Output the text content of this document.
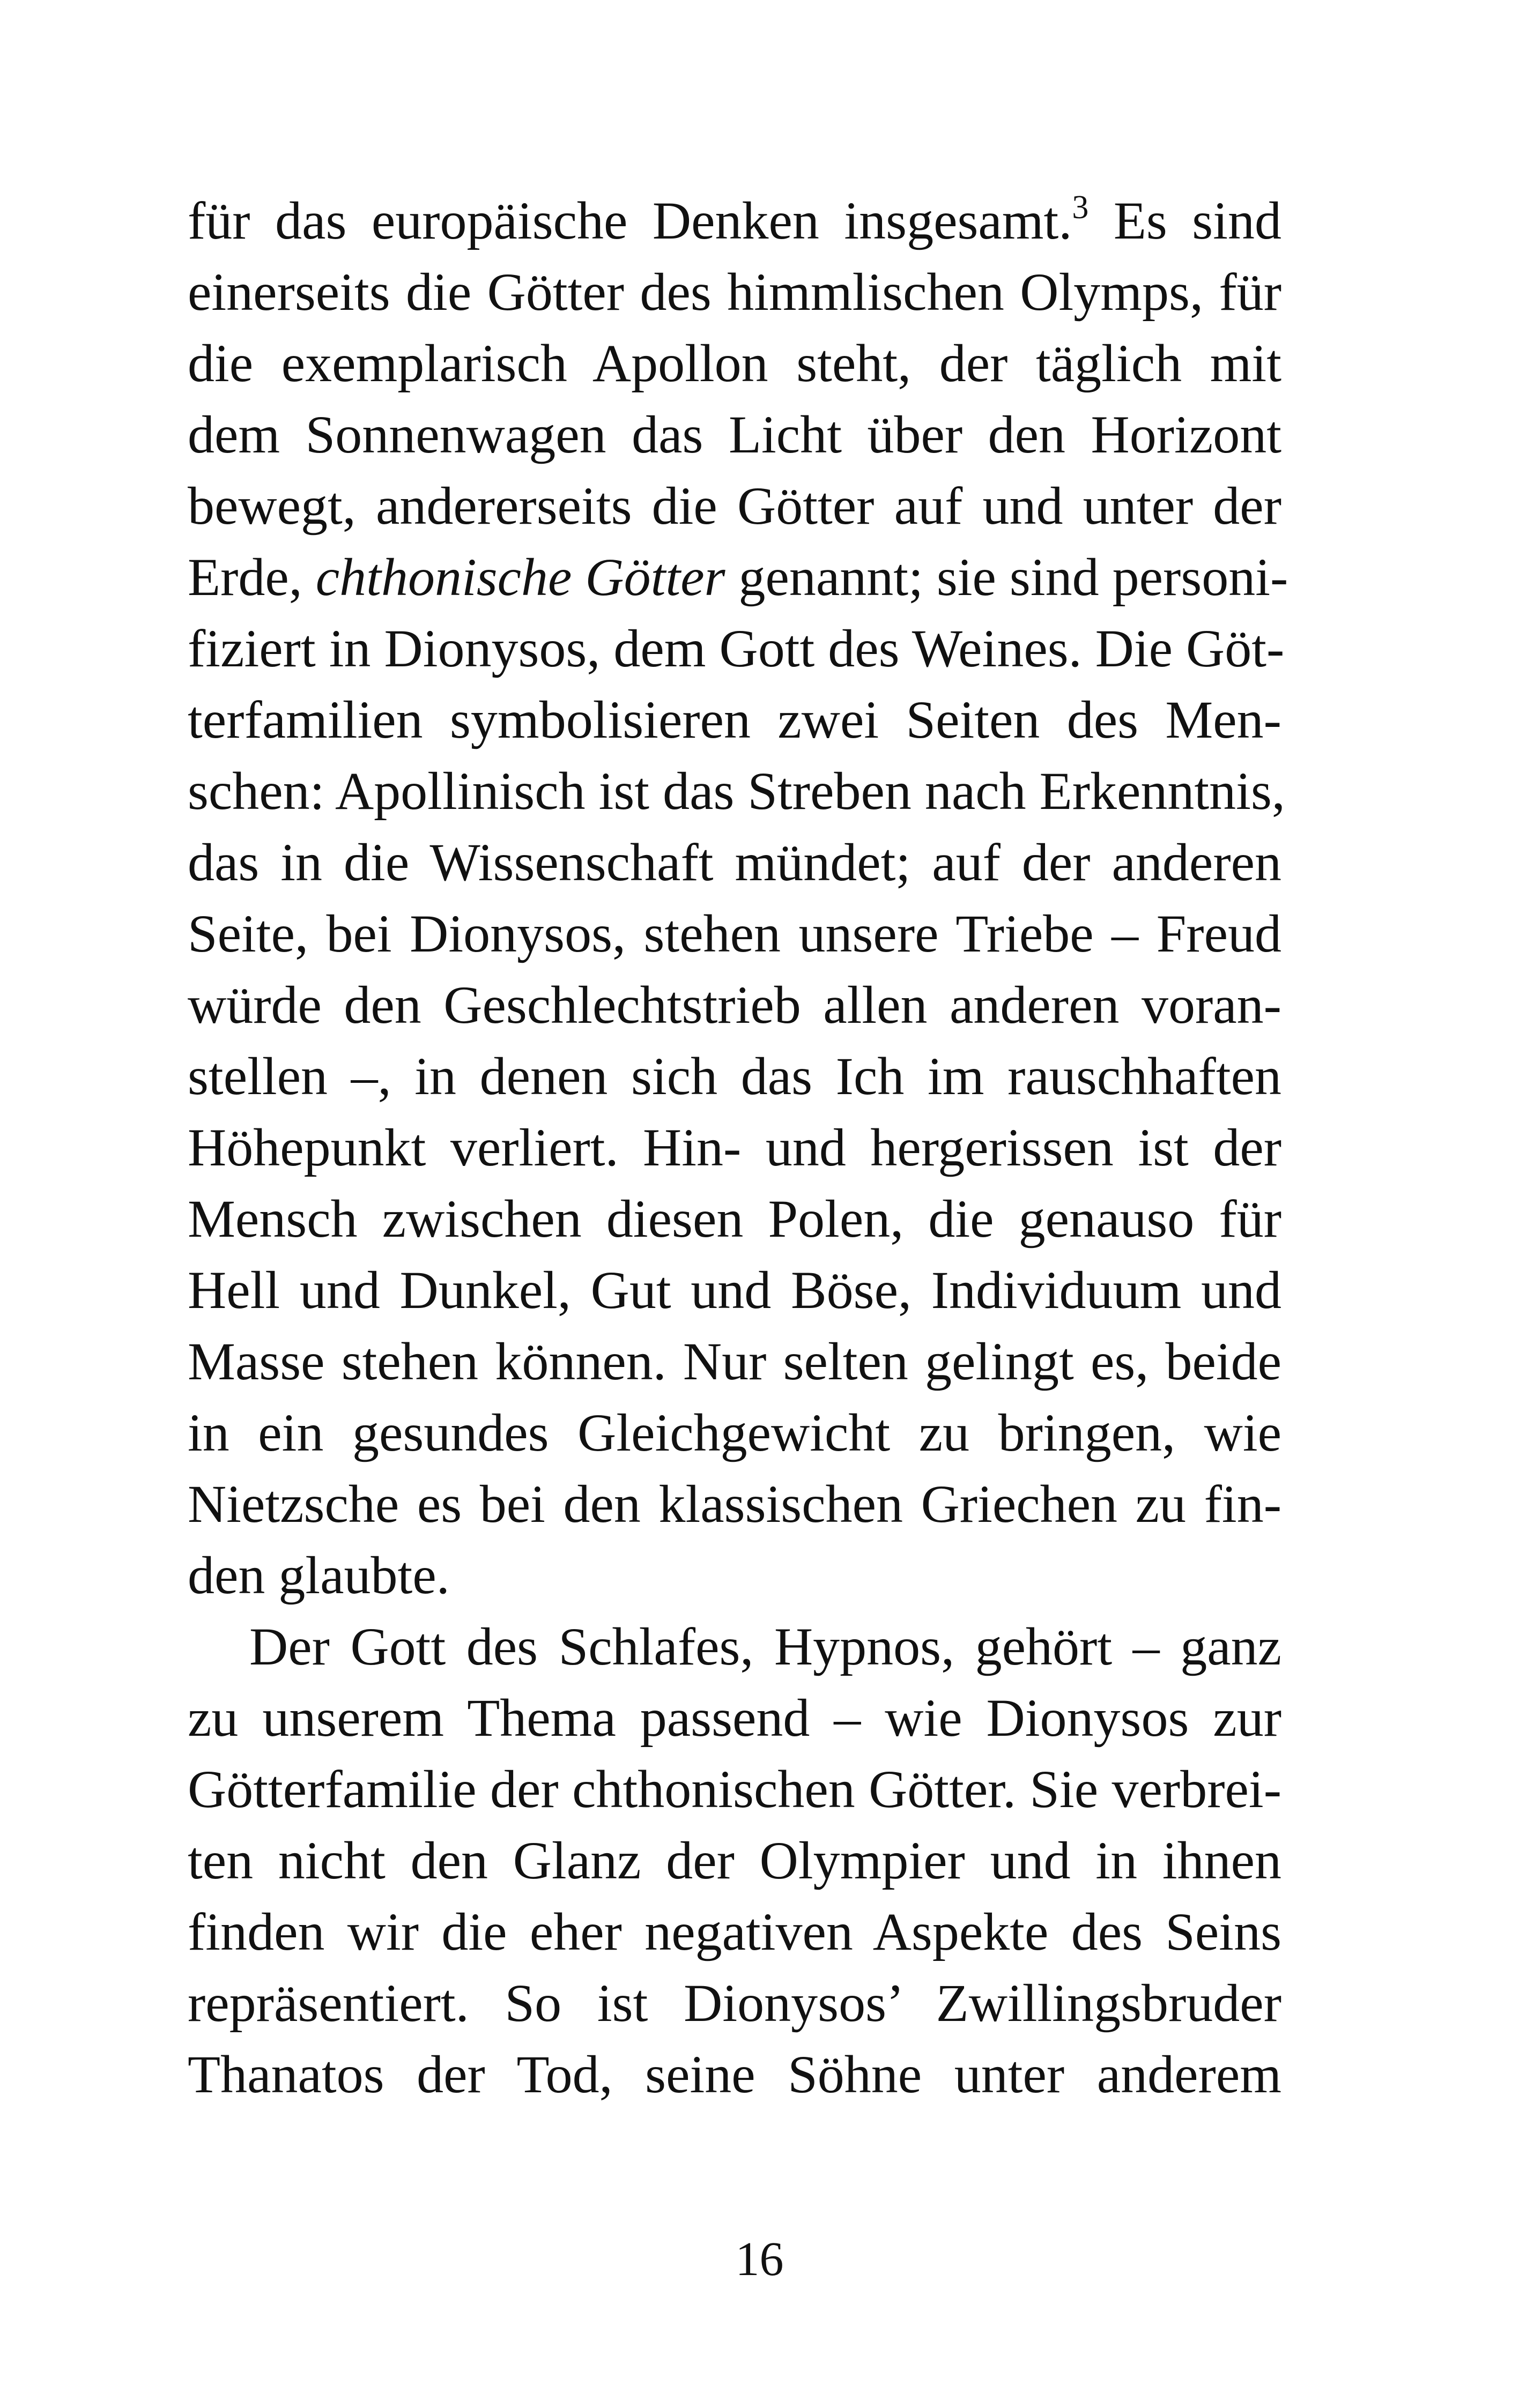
für das europäische Denken insgesamt.$^3$ Es sind
einerseits die Götter des himmlischen Olymps, für
die exemplarisch Apollon steht, der täglich mit
dem Sonnenwagen das Licht über den Horizont
bewegt, andererseits die Götter auf und unter der
Erde, chthonische Götter genannt; sie sind personi-
fiziert in Dionysos, dem Gott des Weines. Die Göt-
terfamilien symbolisieren zwei Seiten des Men-
schen: Apollinisch ist das Streben nach Erkenntnis,
das in die Wissenschaft mündet; auf der anderen
Seite, bei Dionysos, stehen unsere Triebe – Freud
würde den Geschlechtstrieb allen anderen voran-
stellen –, in denen sich das Ich im rauschhaften
Höhepunkt verliert. Hin- und hergerissen ist der
Mensch zwischen diesen Polen, die genauso für
Hell und Dunkel, Gut und Böse, Individuum und
Masse stehen können. Nur selten gelingt es, beide
in ein gesundes Gleichgewicht zu bringen, wie
Nietzsche es bei den klassischen Griechen zu fin-
den glaubte.

Der Gott des Schlafes, Hypnos, gehört – ganz
zu unserem Thema passend – wie Dionysos zur
Götterfamilie der chthonischen Götter. Sie verbrei-
ten nicht den Glanz der Olympier und in ihnen
finden wir die eher negativen Aspekte des Seins
repräsentiert. So ist Dionysos’ Zwillingsbruder
Thanatos der Tod, seine Söhne unter anderem

16
